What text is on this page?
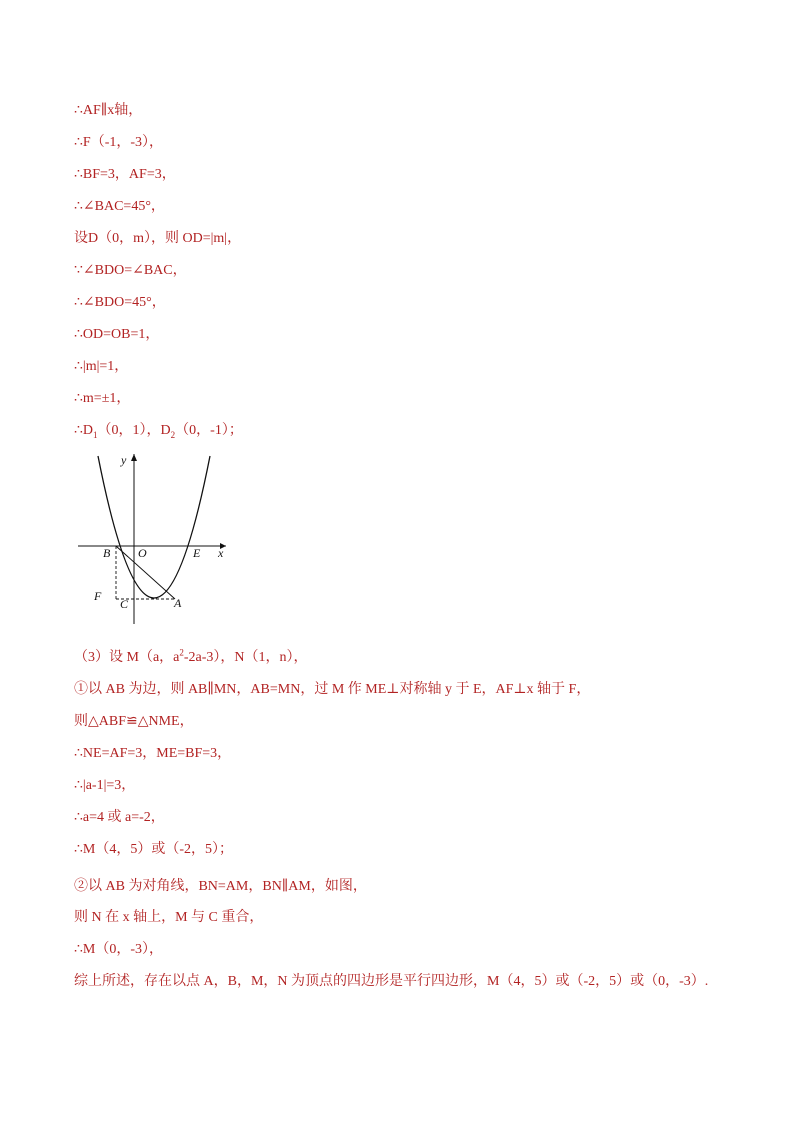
∴AF∥x轴，
∴F（-1，-3），
∴BF=3，AF=3，
∴∠BAC=45°，
设D（0，m），则 OD=|m|，
∵∠BDO=∠BAC，
∴∠BDO=45°，
∴OD=OB=1，
∴|m|=1，
∴m=±1，
$\therefore D_1(0$，1），$D_2(0$，-1）；
y
x
B O	E
F
C	A
（3）设 M（a，$a^2-2a-3$），N（1，n），
①以 AB 为边，则 AB∥MN，AB=MN，过 M 作 ME⊥对称轴 y 于 E，AF⊥x 轴于 F，
则△ABF≌△NME，
∴NE=AF=3，ME=BF=3，
∴|a-1|=3，
∴a=4 或 a=-2，
∴M（4，5）或（-2，5）；
②以 AB 为对角线，BN=AM，BN∥AM，如图，
则 N 在 x 轴上，M 与 C 重合，
∴M（0，-3），
综上所述，存在以点 A，B，M，N 为顶点的四边形是平行四边形，M（4，5）或（-2，5）或（0，-3）.
